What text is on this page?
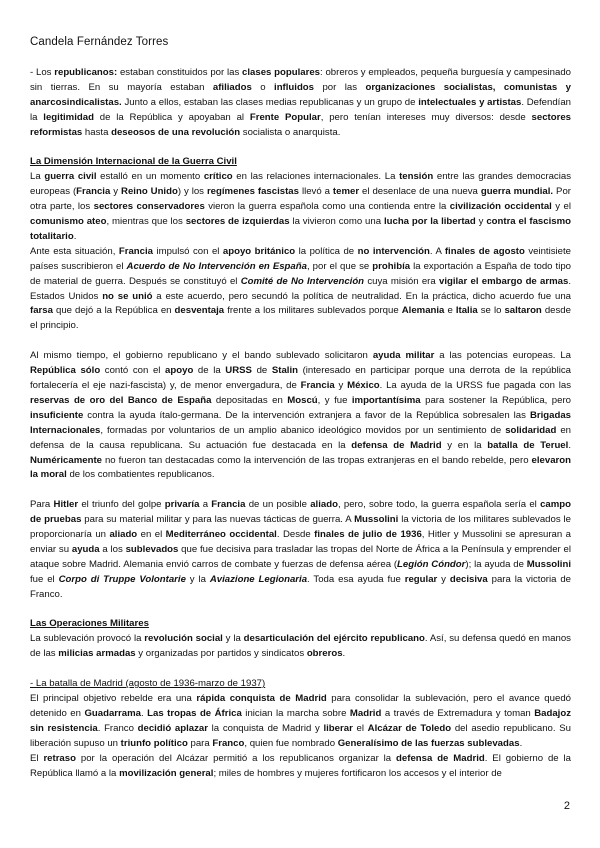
Candela Fernández Torres

- Los republicanos: estaban constituidos por las clases populares: obreros y empleados, pequeña burguesía y campesinado sin tierras. En su mayoría estaban afiliados o influidos por las organizaciones socialistas, comunistas y anarcosindicalistas. Junto a ellos, estaban las clases medias republicanas y un grupo de intelectuales y artistas. Defendían la legitimidad de la República y apoyaban al Frente Popular, pero tenían intereses muy diversos: desde sectores reformistas hasta deseosos de una revolución socialista o anarquista.

La Dimensión Internacional de la Guerra Civil

La guerra civil estalló en un momento crítico en las relaciones internacionales. La tensión entre las grandes democracias europeas (Francia y Reino Unido) y los regímenes fascistas llevó a temer el desenlace de una nueva guerra mundial. Por otra parte, los sectores conservadores vieron la guerra española como una contienda entre la civilización occidental y el comunismo ateo, mientras que los sectores de izquierdas la vivieron como una lucha por la libertad y contra el fascismo totalitario.

Ante esta situación, Francia impulsó con el apoyo británico la política de no intervención. A finales de agosto veintisiete países suscribieron el Acuerdo de No Intervención en España, por el que se prohibía la exportación a España de todo tipo de material de guerra. Después se constituyó el Comité de No Intervención cuya misión era vigilar el embargo de armas. Estados Unidos no se unió a este acuerdo, pero secundó la política de neutralidad. En la práctica, dicho acuerdo fue una farsa que dejó a la República en desventaja frente a los militares sublevados porque Alemania e Italia se lo saltaron desde el principio.

Al mismo tiempo, el gobierno republicano y el bando sublevado solicitaron ayuda militar a las potencias europeas. La República sólo contó con el apoyo de la URSS de Stalin (interesado en participar porque una derrota de la república fortalecería el eje nazi-fascista) y, de menor envergadura, de Francia y México. La ayuda de la URSS fue pagada con las reservas de oro del Banco de España depositadas en Moscú, y fue importantísima para sostener la República, pero insuficiente contra la ayuda ítalo-germana. De la intervención extranjera a favor de la República sobresalen las Brigadas Internacionales, formadas por voluntarios de un amplio abanico ideológico movidos por un sentimiento de solidaridad en defensa de la causa republicana. Su actuación fue destacada en la defensa de Madrid y en la batalla de Teruel. Numéricamente no fueron tan destacadas como la intervención de las tropas extranjeras en el bando rebelde, pero elevaron la moral de los combatientes republicanos.

Para Hitler el triunfo del golpe privaría a Francia de un posible aliado, pero, sobre todo, la guerra española sería el campo de pruebas para su material militar y para las nuevas tácticas de guerra. A Mussolini la victoria de los militares sublevados le proporcionaría un aliado en el Mediterráneo occidental. Desde finales de julio de 1936, Hitler y Mussolini se apresuran a enviar su ayuda a los sublevados que fue decisiva para trasladar las tropas del Norte de África a la Península y emprender el ataque sobre Madrid. Alemania envió carros de combate y fuerzas de defensa aérea (Legión Cóndor); la ayuda de Mussolini fue el Corpo di Truppe Volontarie y la Aviazione Legionaria. Toda esa ayuda fue regular y decisiva para la victoria de Franco.

Las Operaciones Militares

La sublevación provocó la revolución social y la desarticulación del ejército republicano. Así, su defensa quedó en manos de las milicias armadas y organizadas por partidos y sindicatos obreros.

- La batalla de Madrid (agosto de 1936-marzo de 1937)

El principal objetivo rebelde era una rápida conquista de Madrid para consolidar la sublevación, pero el avance quedó detenido en Guadarrama. Las tropas de África inician la marcha sobre Madrid a través de Extremadura y toman Badajoz sin resistencia. Franco decidió aplazar la conquista de Madrid y liberar el Alcázar de Toledo del asedio republicano. Su liberación supuso un triunfo político para Franco, quien fue nombrado Generalísimo de las fuerzas sublevadas.

El retraso por la operación del Alcázar permitió a los republicanos organizar la defensa de Madrid. El gobierno de la República llamó a la movilización general; miles de hombres y mujeres fortificaron los accesos y el interior de

2
